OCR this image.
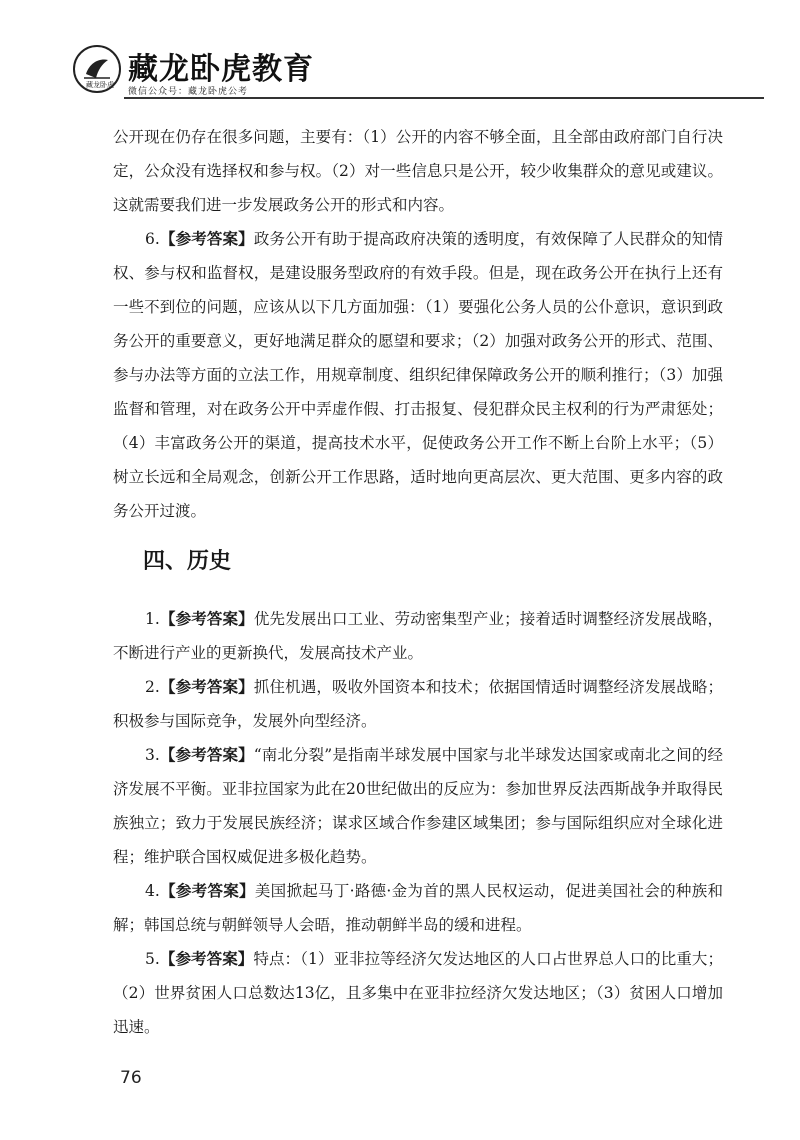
藏龙卧虎 藏龙卧虎教育
微信公众号：藏龙卧虎公考

公开现在仍存在很多问题，主要有：（1）公开的内容不够全面，且全部由政府部门自行决定，公众没有选择权和参与权。（2）对一些信息只是公开，较少收集群众的意见或建议。这就需要我们进一步发展政务公开的形式和内容。

6.【参考答案】政务公开有助于提高政府决策的透明度，有效保障了人民群众的知情权、参与权和监督权，是建设服务型政府的有效手段。但是，现在政务公开在执行上还有一些不到位的问题，应该从以下几方面加强：（1）要强化公务人员的公仆意识，意识到政务公开的重要意义，更好地满足群众的愿望和要求；（2）加强对政务公开的形式、范围、参与办法等方面的立法工作，用规章制度、组织纪律保障政务公开的顺利推行；（3）加强监督和管理，对在政务公开中弄虚作假、打击报复、侵犯群众民主权利的行为严肃惩处；（4）丰富政务公开的渠道，提高技术水平，促使政务公开工作不断上台阶上水平；（5）树立长远和全局观念，创新公开工作思路，适时地向更高层次、更大范围、更多内容的政务公开过渡。

四、历史

1.【参考答案】优先发展出口工业、劳动密集型产业；接着适时调整经济发展战略，不断进行产业的更新换代，发展高技术产业。

2.【参考答案】抓住机遇，吸收外国资本和技术；依据国情适时调整经济发展战略；积极参与国际竞争，发展外向型经济。

3.【参考答案】“南北分裂”是指南半球发展中国家与北半球发达国家或南北之间的经济发展不平衡。亚非拉国家为此在20世纪做出的反应为：参加世界反法西斯战争并取得民族独立；致力于发展民族经济；谋求区域合作参建区域集团；参与国际组织应对全球化进程；维护联合国权威促进多极化趋势。

4.【参考答案】美国掀起马丁·路德·金为首的黑人民权运动，促进美国社会的种族和解；韩国总统与朝鲜领导人会晤，推动朝鲜半岛的缓和进程。

5.【参考答案】特点：（1）亚非拉等经济欠发达地区的人口占世界总人口的比重大；（2）世界贫困人口总数达13亿，且多集中在亚非拉经济欠发达地区；（3）贫困人口增加迅速。

76
